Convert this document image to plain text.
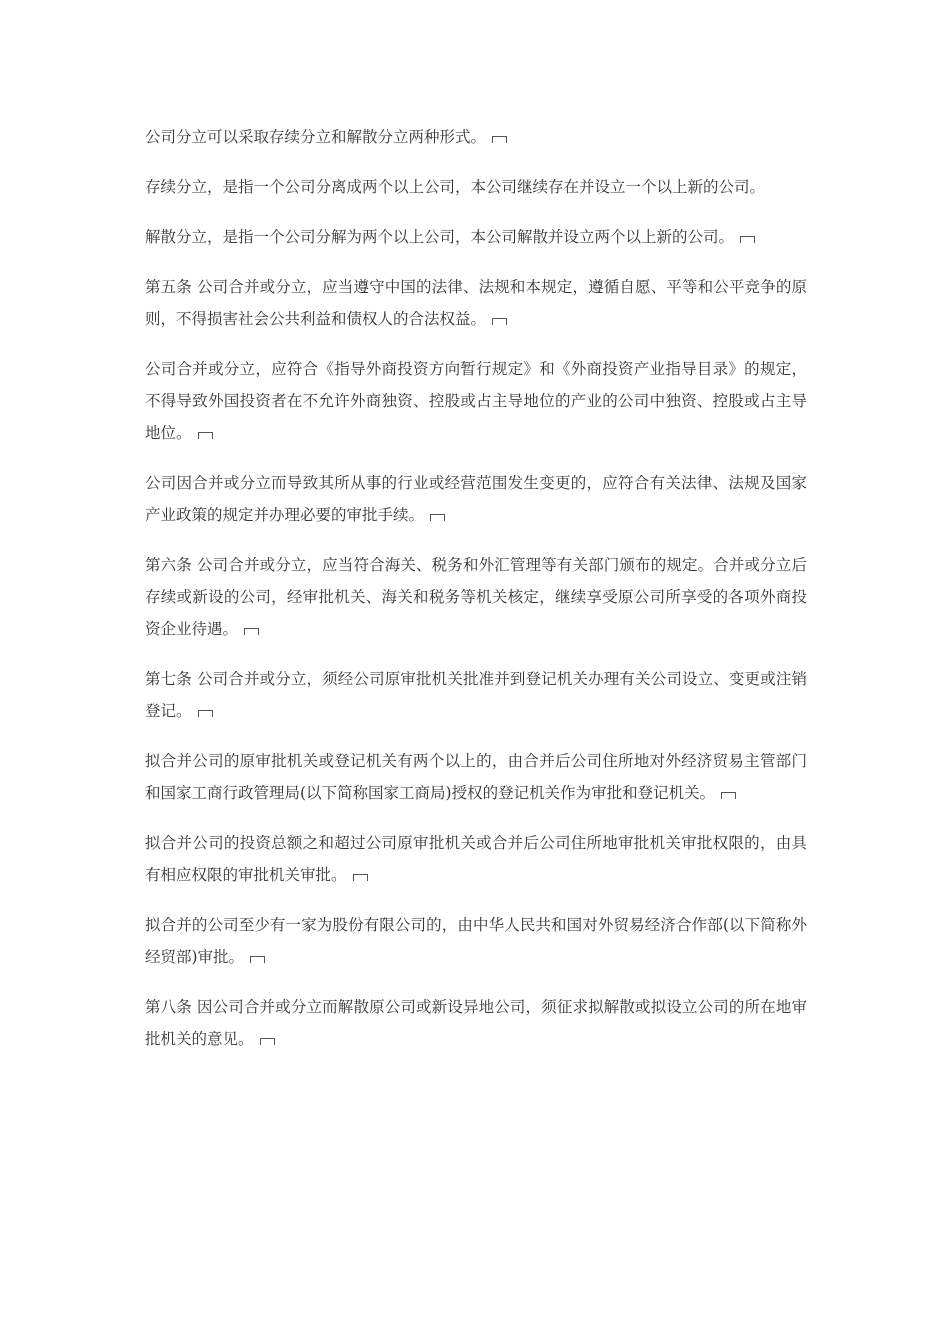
公司分立可以采取存续分立和解散分立两种形式。

存续分立，是指一个公司分离成两个以上公司，本公司继续存在并设立一个以上新的公司。

解散分立，是指一个公司分解为两个以上公司，本公司解散并设立两个以上新的公司。

第五条 公司合并或分立，应当遵守中国的法律、法规和本规定，遵循自愿、平等和公平竞争的原则，不得损害社会公共利益和债权人的合法权益。

公司合并或分立，应符合《指导外商投资方向暂行规定》和《外商投资产业指导目录》的规定，不得导致外国投资者在不允许外商独资、控股或占主导地位的产业的公司中独资、控股或占主导地位。

公司因合并或分立而导致其所从事的行业或经营范围发生变更的，应符合有关法律、法规及国家产业政策的规定并办理必要的审批手续。

第六条 公司合并或分立，应当符合海关、税务和外汇管理等有关部门颁布的规定。合并或分立后存续或新设的公司，经审批机关、海关和税务等机关核定，继续享受原公司所享受的各项外商投资企业待遇。

第七条 公司合并或分立，须经公司原审批机关批准并到登记机关办理有关公司设立、变更或注销登记。

拟合并公司的原审批机关或登记机关有两个以上的，由合并后公司住所地对外经济贸易主管部门和国家工商行政管理局(以下简称国家工商局)授权的登记机关作为审批和登记机关。

拟合并公司的投资总额之和超过公司原审批机关或合并后公司住所地审批机关审批权限的，由具有相应权限的审批机关审批。

拟合并的公司至少有一家为股份有限公司的，由中华人民共和国对外贸易经济合作部(以下简称外经贸部)审批。

第八条 因公司合并或分立而解散原公司或新设异地公司，须征求拟解散或拟设立公司的所在地审批机关的意见。
